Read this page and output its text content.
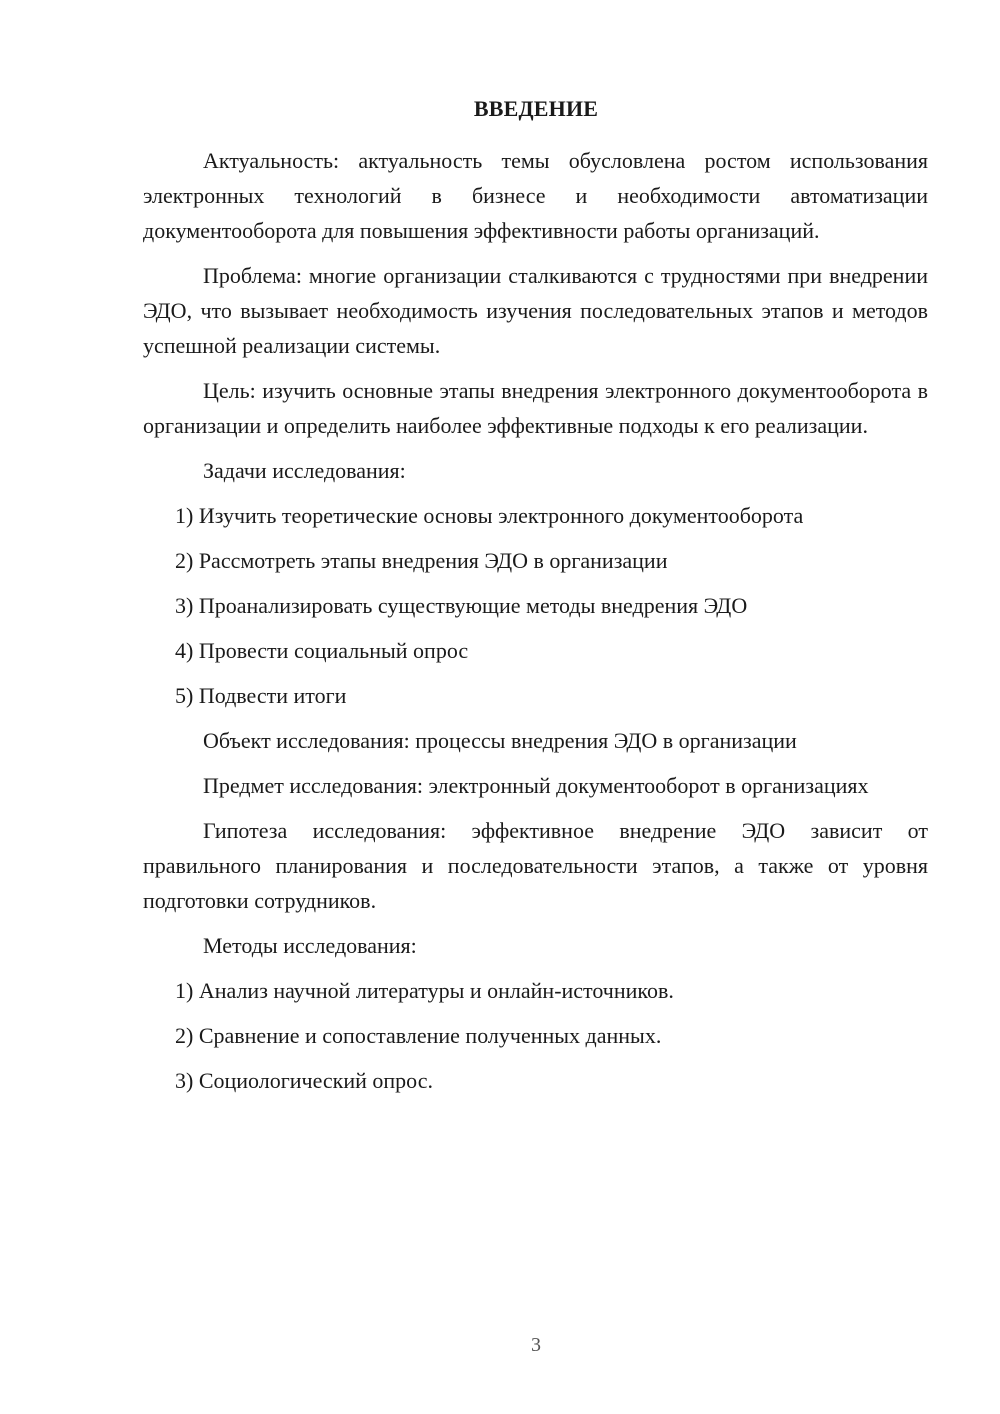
ВВЕДЕНИЕ

Актуальность: актуальность темы обусловлена ростом использования электронных технологий в бизнесе и необходимости автоматизации документооборота для повышения эффективности работы организаций.

Проблема: многие организации сталкиваются с трудностями при внедрении ЭДО, что вызывает необходимость изучения последовательных этапов и методов успешной реализации системы.

Цель: изучить основные этапы внедрения электронного документооборота в организации и определить наиболее эффективные подходы к его реализации.

Задачи исследования:

1) Изучить теоретические основы электронного документооборота
2) Рассмотреть этапы внедрения ЭДО в организации
3) Проанализировать существующие методы внедрения ЭДО
4) Провести социальный опрос
5) Подвести итоги

Объект исследования: процессы внедрения ЭДО в организации

Предмет исследования: электронный документооборот в организациях

Гипотеза исследования: эффективное внедрение ЭДО зависит от правильного планирования и последовательности этапов, а также от уровня подготовки сотрудников.

Методы исследования:

1) Анализ научной литературы и онлайн-источников.
2) Сравнение и сопоставление полученных данных.
3) Социологический опрос.
3
